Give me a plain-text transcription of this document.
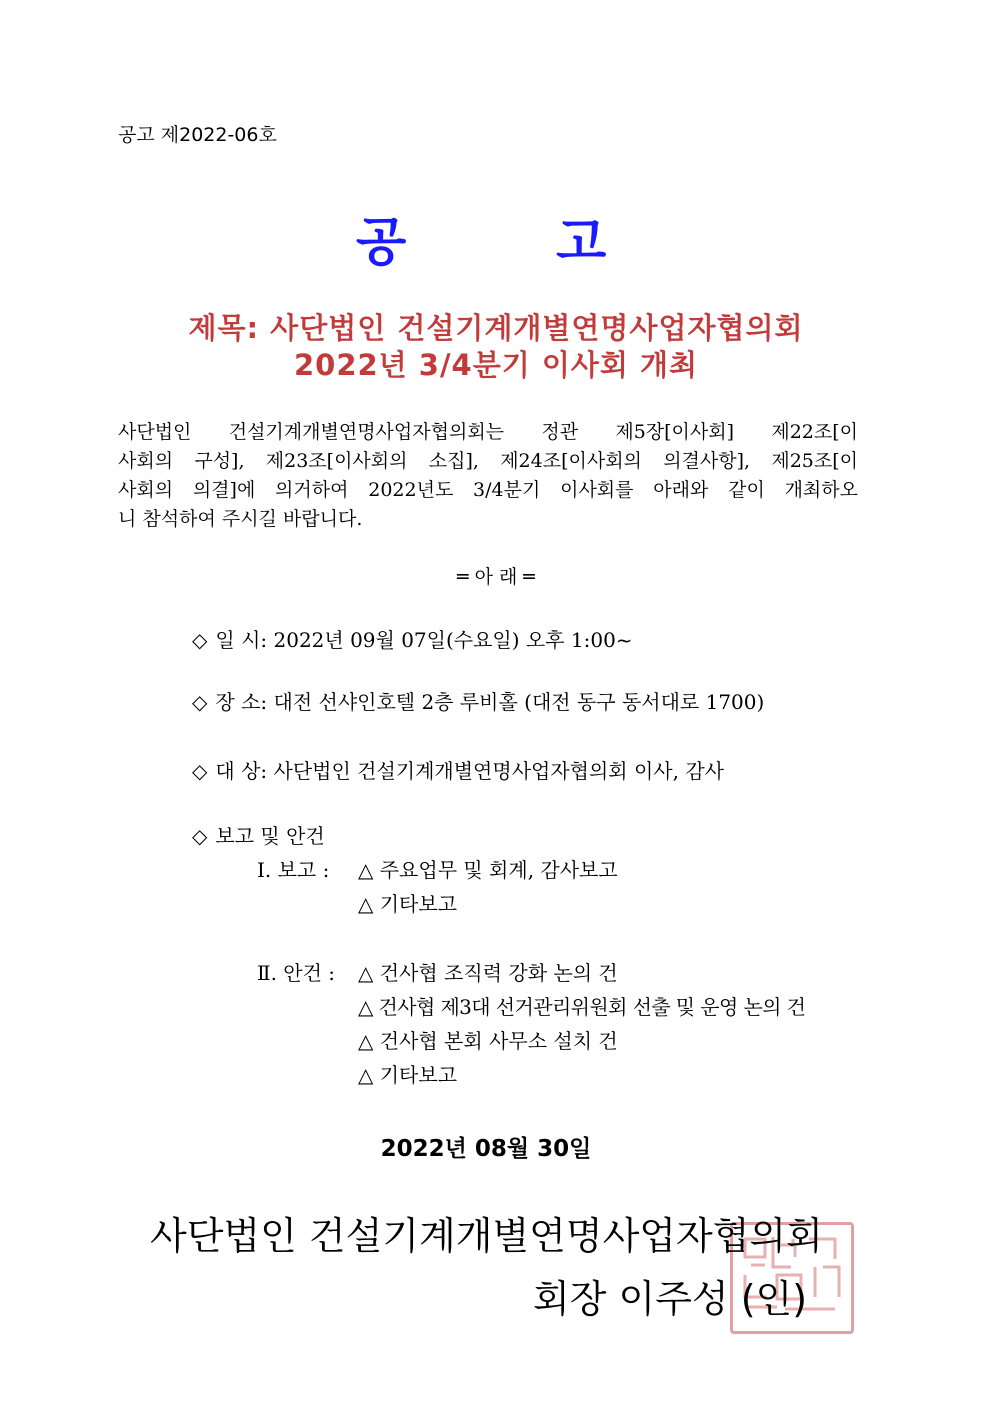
공고 제2022-06호
공	고
제목: 사단법인 건설기계개별연명사업자협의회
2022년 3/4분기 이사회 개최
사단법인 건설기계개별연명사업자협의회는 정관 제5장[이사회] 제22조[이
사회의 구성], 제23조[이사회의 소집], 제24조[이사회의 의결사항], 제25조[이
사회의 의결]에 의거하여 2022년도 3/4분기 이사회를 아래와 같이 개최하오
니 참석하여 주시길 바랍니다.
═ 아 래 ═
◇ 일 시: 2022년 09월 07일(수요일) 오후 1:00~
◇ 장 소: 대전 선샤인호텔 2층 루비홀 (대전 동구 동서대로 1700)
◇ 대 상: 사단법인 건설기계개별연명사업자협의회 이사, 감사
◇ 보고 및 안건
Ⅰ. 보고 : △ 주요업무 및 회계, 감사보고
△ 기타보고
Ⅱ. 안건 : △ 건사협 조직력 강화 논의 건
△ 건사협 제3대 선거관리위원회 선출 및 운영 논의 건
△ 건사협 본회 사무소 설치 건
△ 기타보고
2022년 08월 30일
사단법인 건설기계개별연명사업자협의회
회장 이주성 (인)
